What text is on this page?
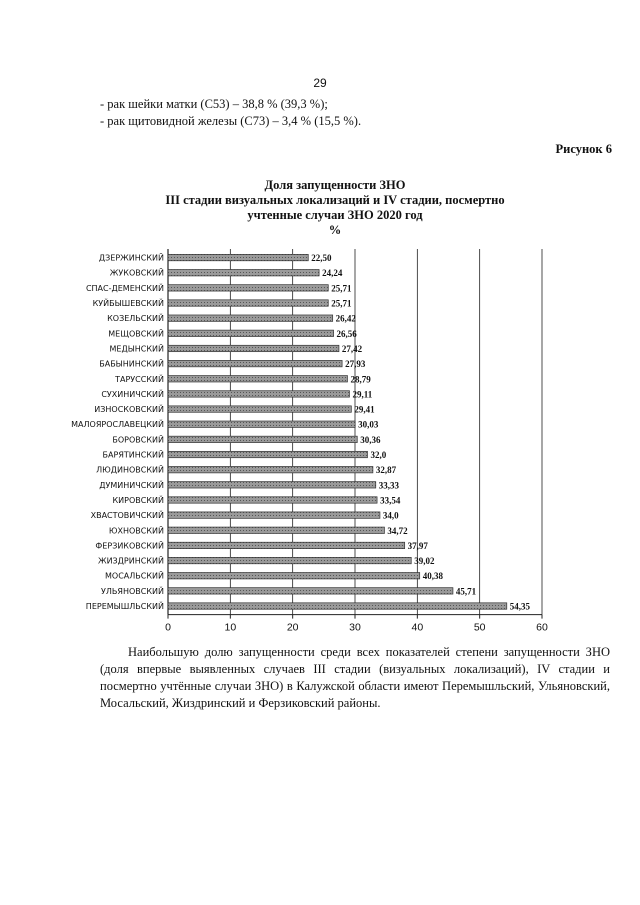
29
- рак шейки матки (С53) – 38,8 % (39,3 %);
- рак щитовидной железы (С73) – 3,4 % (15,5 %).
Рисунок 6
Доля запущенности ЗНО
III стадии визуальных локализаций и IV стадии, посмертно
учтенные случаи ЗНО 2020 год
%
0	10	20	30	40	50	60
ДЗЕРЖИНСКИЙ	22,50
ЖУКОВСКИЙ	24,24
СПАС-ДЕМЕНСКИЙ	25,71
КУЙБЫШЕВСКИЙ	25,71
КОЗЕЛЬСКИЙ	26,42
МЕЩОВСКИЙ	26,56
МЕДЫНСКИЙ	27,42
БАБЫНИНСКИЙ	27,93
ТАРУССКИЙ	28,79
СУХИНИЧСКИЙ	29,11
ИЗНОСКОВСКИЙ	29,41
МАЛОЯРОСЛАВЕЦКИЙ	30,03
БОРОВСКИЙ	30,36
БАРЯТИНСКИЙ	32,0
ЛЮДИНОВСКИЙ	32,87
ДУМИНИЧСКИЙ	33,33
КИРОВСКИЙ	33,54
ХВАСТОВИЧСКИЙ	34,0
ЮХНОВСКИЙ	34,72
ФЕРЗИКОВСКИЙ	37,97
ЖИЗДРИНСКИЙ	39,02
МОСАЛЬСКИЙ	40,38
УЛЬЯНОВСКИЙ	45,71
ПЕРЕМЫШЛЬСКИЙ	54,35
Наибольшую долю запущенности среди всех показателей степени запущенности ЗНО (доля впервые выявленных случаев III стадии (визуальных локализаций), IV стадии и посмертно учтённые случаи ЗНО) в Калужской области имеют Перемышльский, Ульяновский, Мосальский, Жиздринский и Ферзиковский районы.
